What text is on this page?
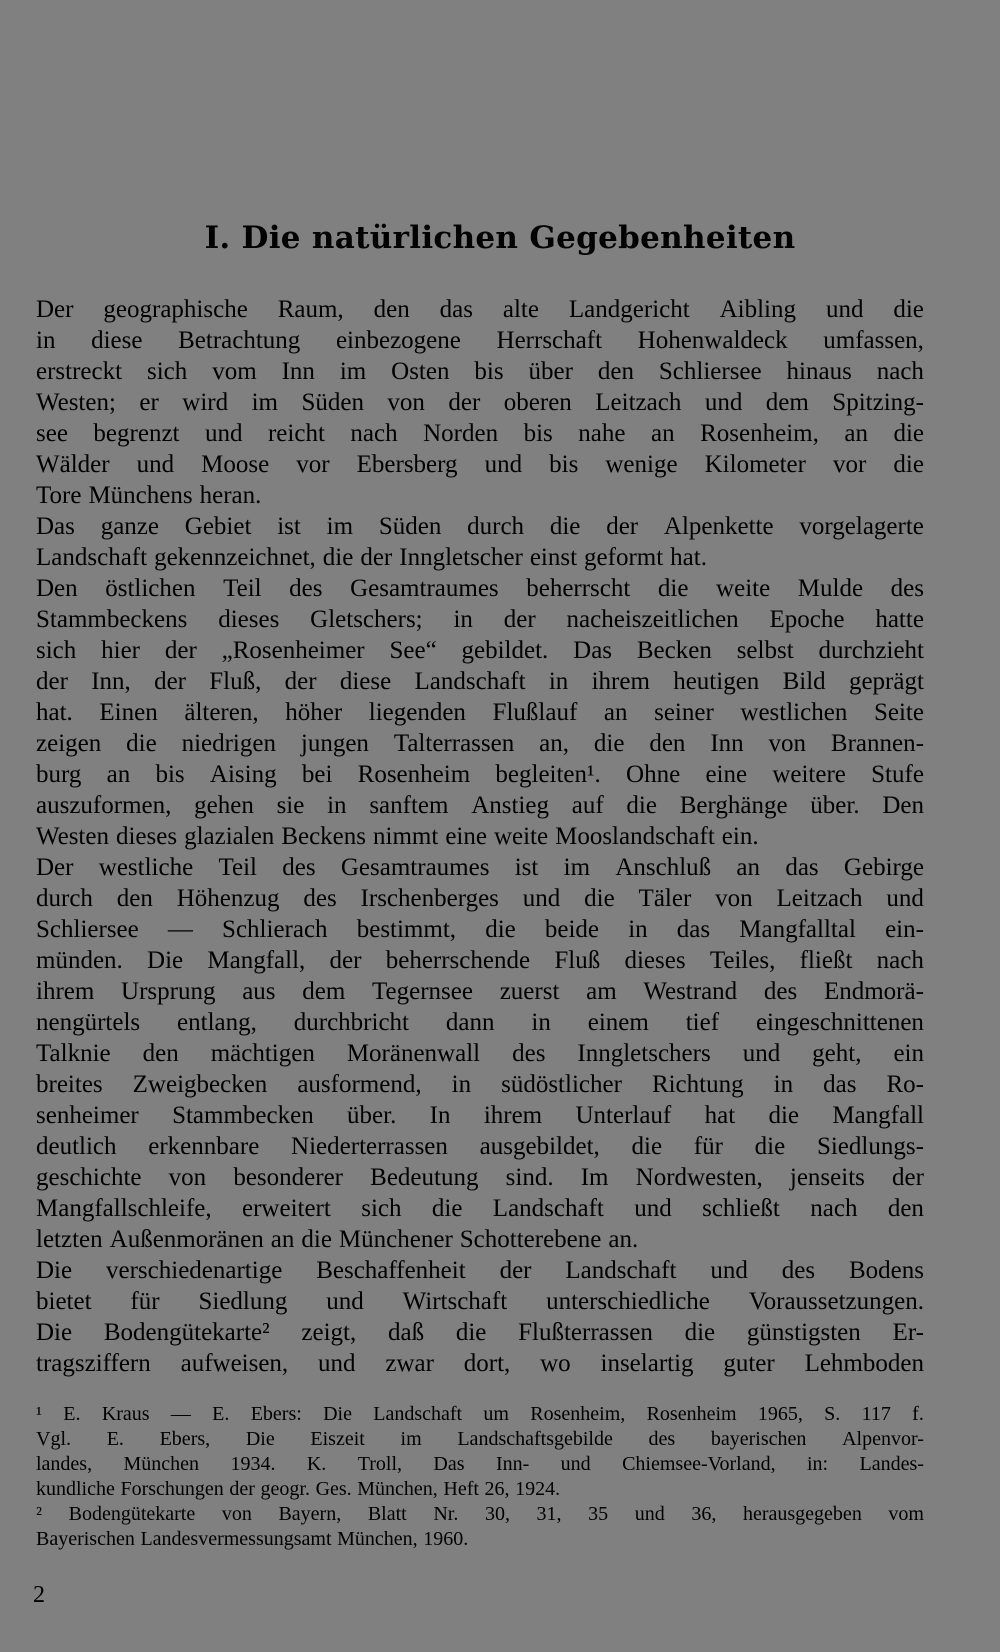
I. Die natürlichen Gegebenheiten
Der geographische Raum, den das alte Landgericht Aibling und die
in diese Betrachtung einbezogene Herrschaft Hohenwaldeck umfassen,
erstreckt sich vom Inn im Osten bis über den Schliersee hinaus nach
Westen; er wird im Süden von der oberen Leitzach und dem Spitzing-
see begrenzt und reicht nach Norden bis nahe an Rosenheim, an die
Wälder und Moose vor Ebersberg und bis wenige Kilometer vor die
Tore Münchens heran.
Das ganze Gebiet ist im Süden durch die der Alpenkette vorgelagerte
Landschaft gekennzeichnet, die der Inngletscher einst geformt hat.
Den östlichen Teil des Gesamtraumes beherrscht die weite Mulde des
Stammbeckens dieses Gletschers; in der nacheiszeitlichen Epoche hatte
sich hier der „Rosenheimer See“ gebildet. Das Becken selbst durchzieht
der Inn, der Fluß, der diese Landschaft in ihrem heutigen Bild geprägt
hat. Einen älteren, höher liegenden Flußlauf an seiner westlichen Seite
zeigen die niedrigen jungen Talterrassen an, die den Inn von Brannen-
burg an bis Aising bei Rosenheim begleiten¹. Ohne eine weitere Stufe
auszuformen, gehen sie in sanftem Anstieg auf die Berghänge über. Den
Westen dieses glazialen Beckens nimmt eine weite Mooslandschaft ein.
Der westliche Teil des Gesamtraumes ist im Anschluß an das Gebirge
durch den Höhenzug des Irschenberges und die Täler von Leitzach und
Schliersee — Schlierach bestimmt, die beide in das Mangfalltal ein-
münden. Die Mangfall, der beherrschende Fluß dieses Teiles, fließt nach
ihrem Ursprung aus dem Tegernsee zuerst am Westrand des Endmorä-
nengürtels entlang, durchbricht dann in einem tief eingeschnittenen
Talknie den mächtigen Moränenwall des Inngletschers und geht, ein
breites Zweigbecken ausformend, in südöstlicher Richtung in das Ro-
senheimer Stammbecken über. In ihrem Unterlauf hat die Mangfall
deutlich erkennbare Niederterrassen ausgebildet, die für die Siedlungs-
geschichte von besonderer Bedeutung sind. Im Nordwesten, jenseits der
Mangfallschleife, erweitert sich die Landschaft und schließt nach den
letzten Außenmoränen an die Münchener Schotterebene an.
Die verschiedenartige Beschaffenheit der Landschaft und des Bodens
bietet für Siedlung und Wirtschaft unterschiedliche Voraussetzungen.
Die Bodengütekarte² zeigt, daß die Flußterrassen die günstigsten Er-
tragsziffern aufweisen, und zwar dort, wo inselartig guter Lehmboden
¹ E. Kraus — E. Ebers: Die Landschaft um Rosenheim, Rosenheim 1965, S. 117 f.
Vgl. E. Ebers, Die Eiszeit im Landschaftsgebilde des bayerischen Alpenvor-
landes, München 1934. K. Troll, Das Inn- und Chiemsee-Vorland, in: Landes-
kundliche Forschungen der geogr. Ges. München, Heft 26, 1924.
² Bodengütekarte von Bayern, Blatt Nr. 30, 31, 35 und 36, herausgegeben vom
Bayerischen Landesvermessungsamt München, 1960.
2
